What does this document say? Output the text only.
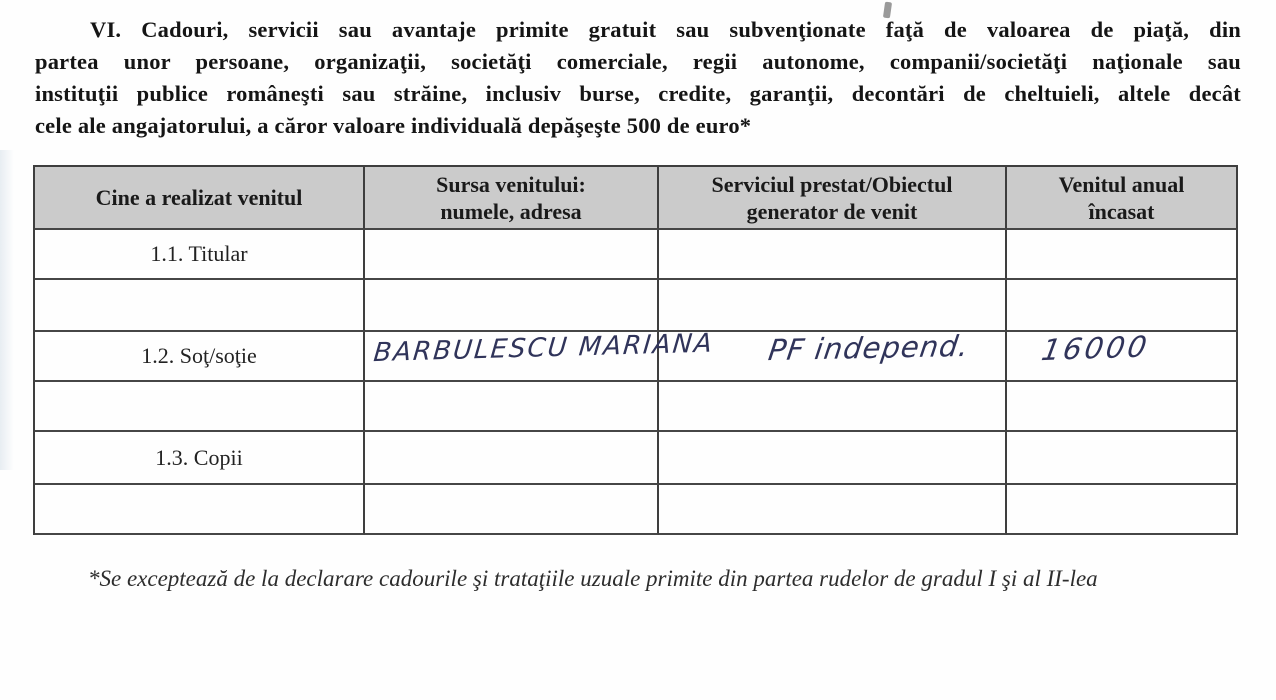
VI. Cadouri, servicii sau avantaje primite gratuit sau subvenţionate faţă de valoarea de piaţă, din
partea unor persoane, organizaţii, societăţi comerciale, regii autonome, companii/societăţi naţionale sau
instituţii publice româneşti sau străine, inclusiv burse, credite, garanţii, decontări de cheltuieli, altele decât
cele ale angajatorului, a căror valoare individuală depăşeşte 500 de euro*
Cine a realizat venitul
Sursa venitului:
numele, adresa
Serviciul prestat/Obiectul
generator de venit
Venitul anual
încasat
1.1. Titular
1.2. Soţ/soţie	BARBULESCU MARIANA PF independ. 16000
1.3. Copii
*Se exceptează de la declarare cadourile şi trataţiile uzuale primite din partea rudelor de gradul I şi al II-lea
